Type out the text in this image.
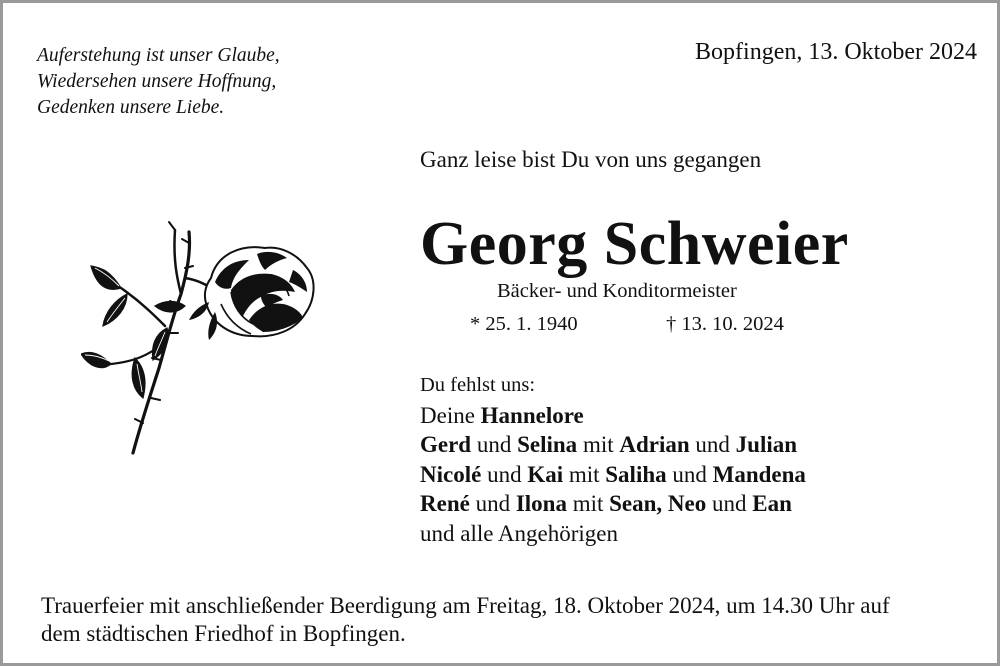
Auferstehung ist unser Glaube,
Wiedersehen unsere Hoffnung,
Gedenken unsere Liebe.
Bopfingen, 13. Oktober 2024
Ganz leise bist Du von uns gegangen
Georg Schweier
Bäcker- und Konditormeister
* 25. 1. 1940	† 13. 10. 2024
Du fehlst uns:
Deine Hannelore
Gerd und Selina mit Adrian und Julian
Nicolé und Kai mit Saliha und Mandena
René und Ilona mit Sean, Neo und Ean
und alle Angehörigen
Trauerfeier mit anschließender Beerdigung am Freitag, 18. Oktober 2024, um 14.30 Uhr auf
dem städtischen Friedhof in Bopfingen.
